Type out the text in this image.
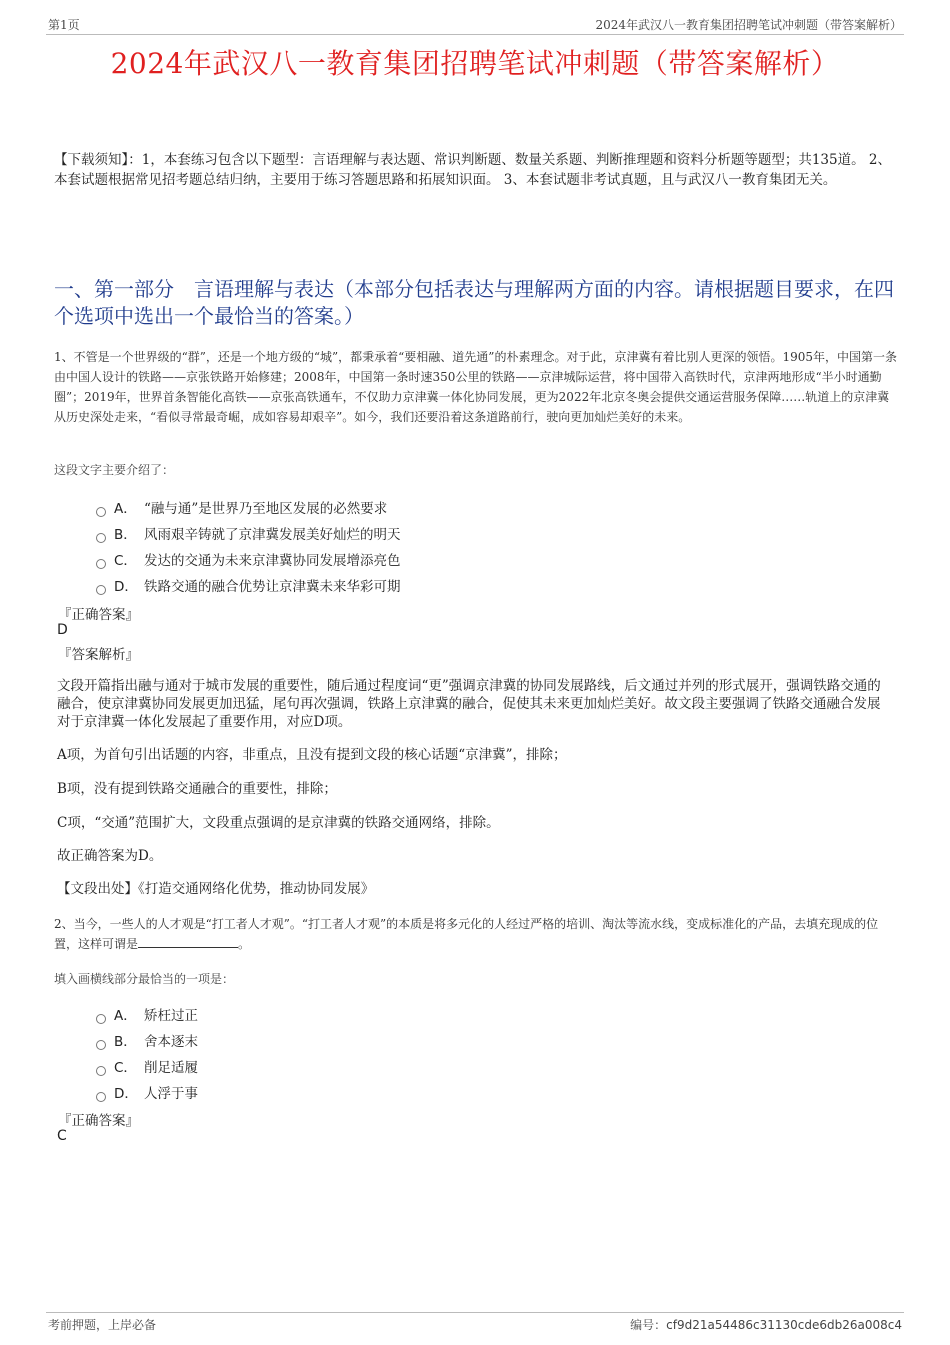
第1页	2024年武汉八一教育集团招聘笔试冲刺题（带答案解析）
2024年武汉八一教育集团招聘笔试冲刺题（带答案解析）
【下载须知】：1，本套练习包含以下题型：言语理解与表达题、常识判断题、数量关系题、判断推理题和资料分析题等题型；共135道。 2、本套试题根据常见招考题总结归纳，主要用于练习答题思路和拓展知识面。 3、本套试题非考试真题，且与武汉八一教育集团无关。
一、第一部分　言语理解与表达（本部分包括表达与理解两方面的内容。请根据题目要求，在四个选项中选出一个最恰当的答案。）
1、不管是一个世界级的“群”，还是一个地方级的“城”，都秉承着“要相融、道先通”的朴素理念。对于此，京津冀有着比别人更深的领悟。1905年，中国第一条由中国人设计的铁路——京张铁路开始修建；2008年，中国第一条时速350公里的铁路——京津城际运营，将中国带入高铁时代，京津两地形成“半小时通勤圈”；2019年，世界首条智能化高铁——京张高铁通车，不仅助力京津冀一体化协同发展，更为2022年北京冬奥会提供交通运营服务保障……轨道上的京津冀从历史深处走来，“看似寻常最奇崛，成如容易却艰辛”。如今，我们还要沿着这条道路前行，驶向更加灿烂美好的未来。
这段文字主要介绍了：
A． “融与通”是世界乃至地区发展的必然要求
B． 风雨艰辛铸就了京津冀发展美好灿烂的明天
C． 发达的交通为未来京津冀协同发展增添亮色
D． 铁路交通的融合优势让京津冀未来华彩可期
『正确答案』
D
『答案解析』
文段开篇指出融与通对于城市发展的重要性，随后通过程度词“更”强调京津冀的协同发展路线，后文通过并列的形式展开，强调铁路交通的融合，使京津冀协同发展更加迅猛，尾句再次强调，铁路上京津冀的融合，促使其未来更加灿烂美好。故文段主要强调了铁路交通融合发展对于京津冀一体化发展起了重要作用，对应D项。
A项，为首句引出话题的内容，非重点，且没有提到文段的核心话题“京津冀”，排除；
B项，没有提到铁路交通融合的重要性，排除；
C项，“交通”范围扩大，文段重点强调的是京津冀的铁路交通网络，排除。
故正确答案为D。
【文段出处】《打造交通网络化优势，推动协同发展》
2、当今，一些人的人才观是“打工者人才观”。“打工者人才观”的本质是将多元化的人经过严格的培训、淘汰等流水线，变成标准化的产品，去填充现成的位置，这样可谓是	。
填入画横线部分最恰当的一项是：
A． 矫枉过正
B． 舍本逐末
C． 削足适履
D． 人浮于事
『正确答案』
C
考前押题，上岸必备	编号：cf9d21a54486c31130cde6db26a008c4
